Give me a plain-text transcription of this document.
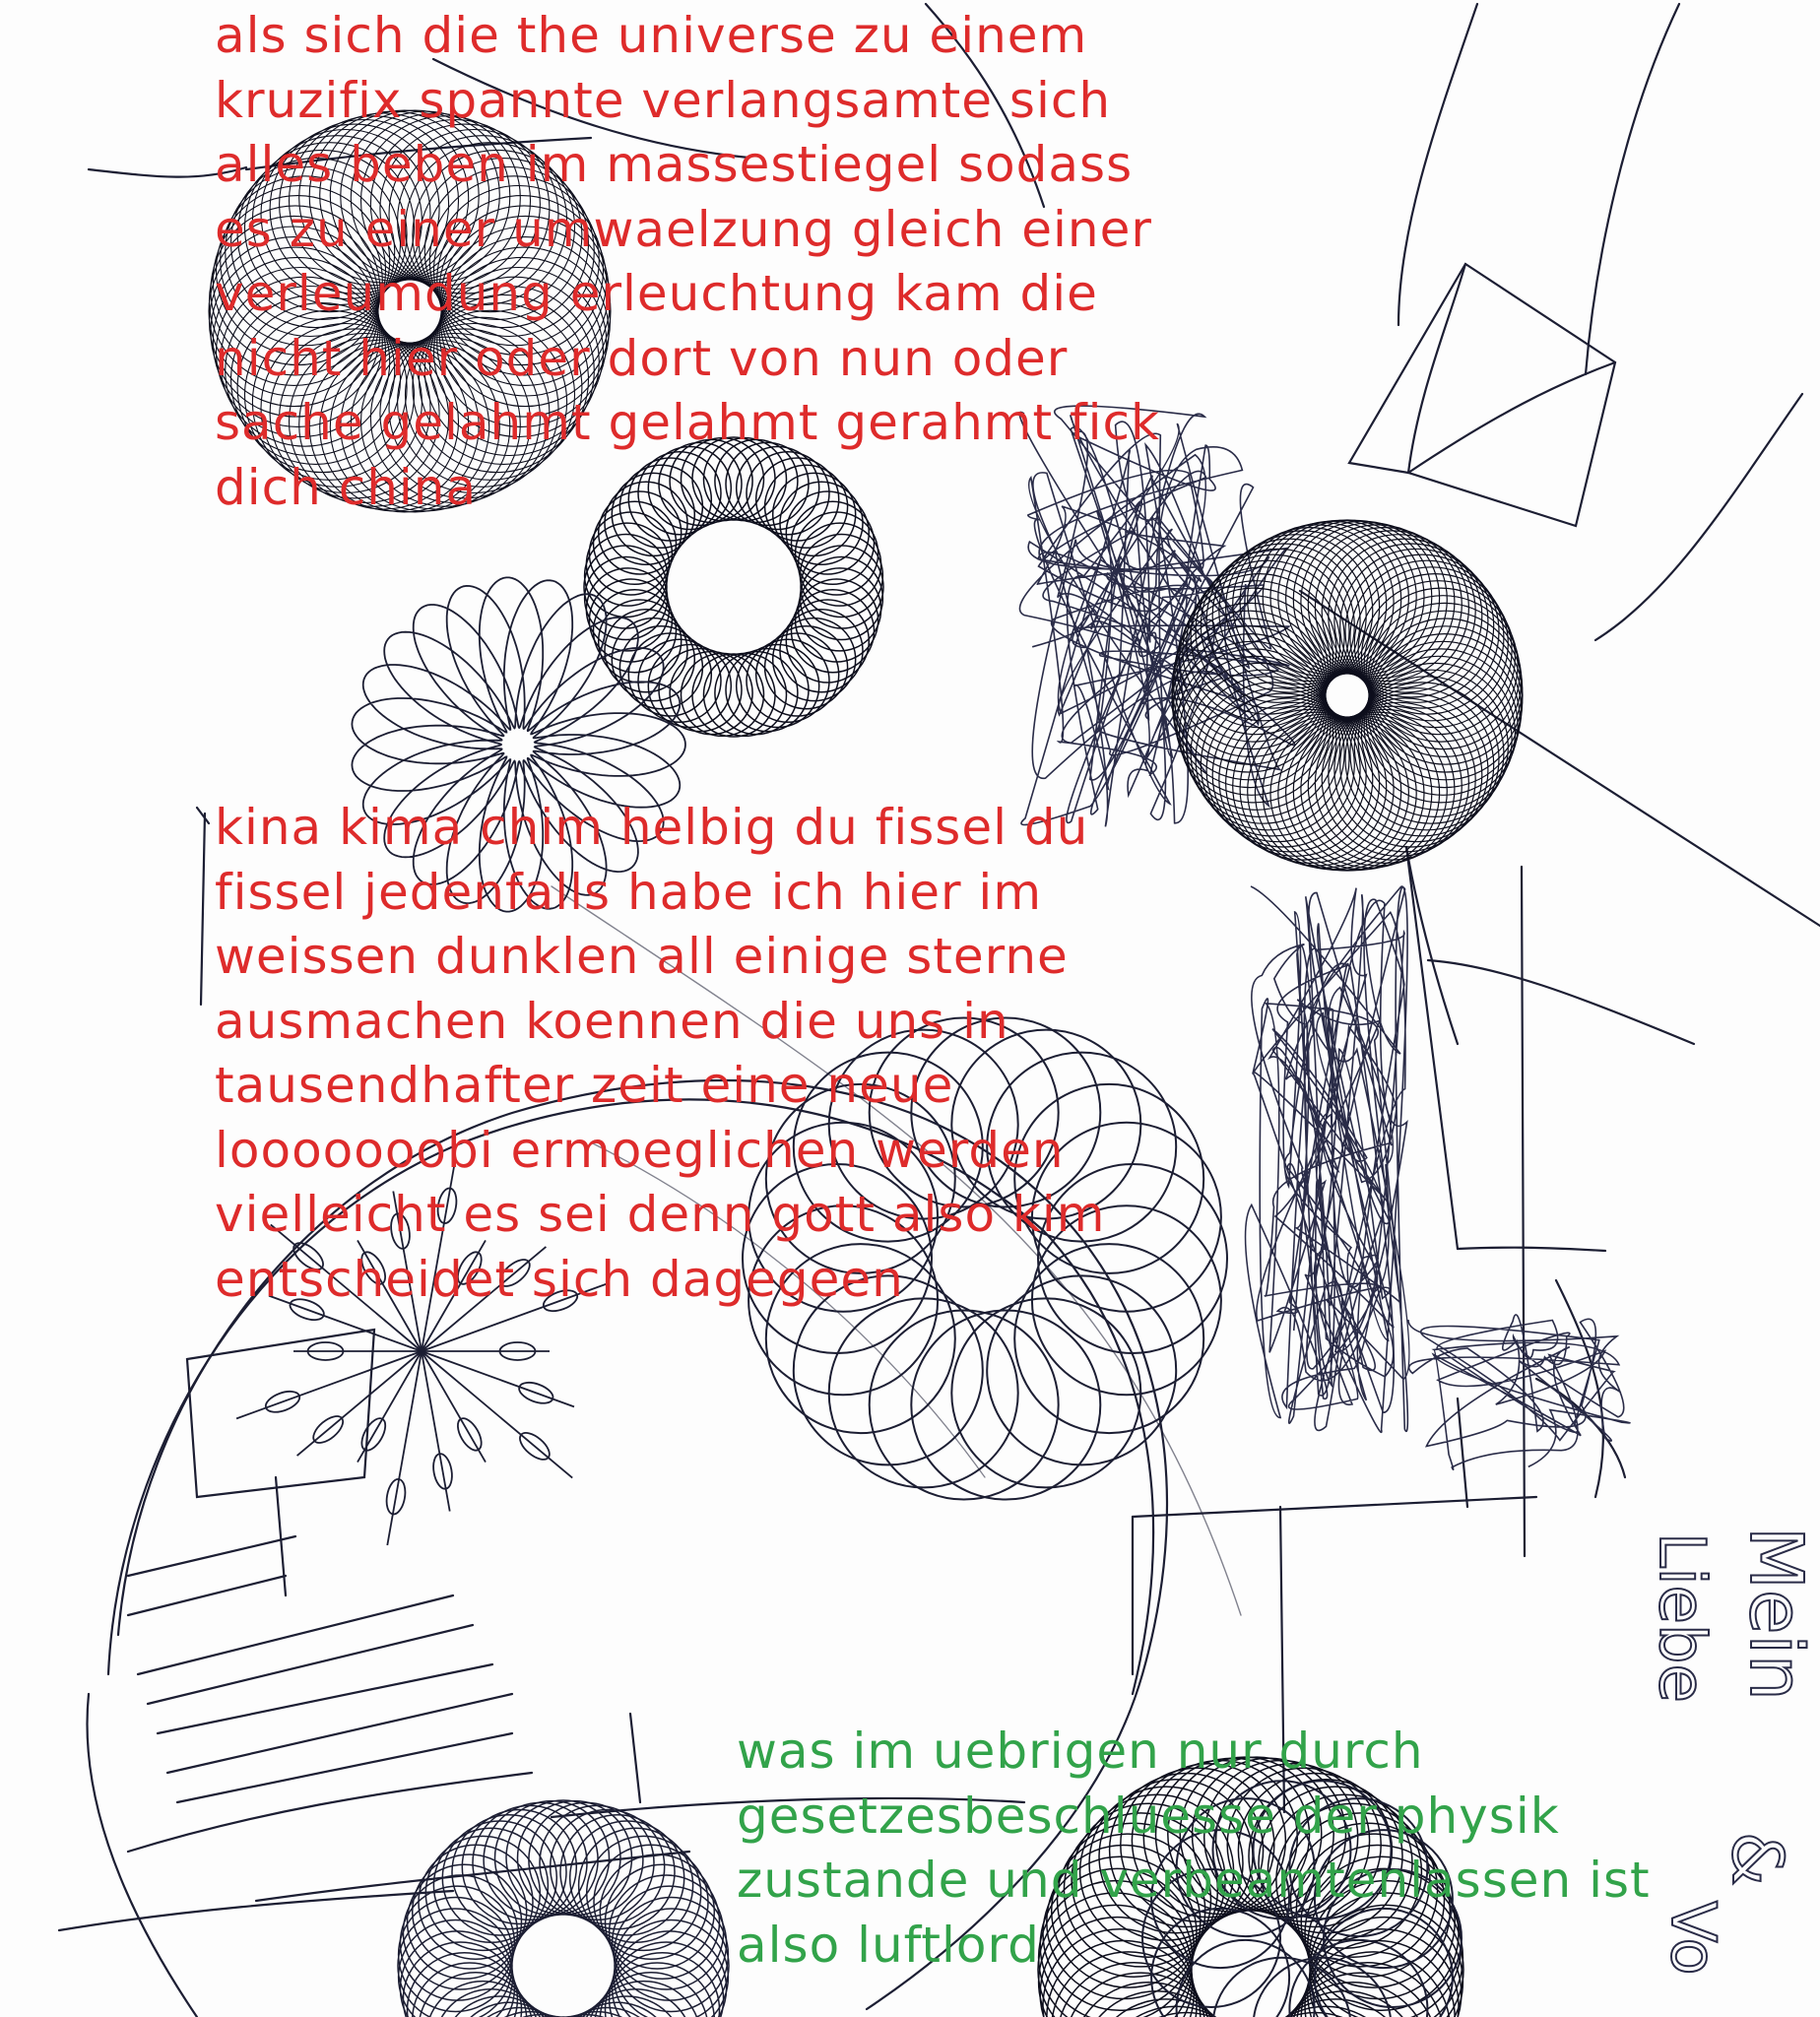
als sich die the universe zu einem
kruzifix spannte verlangsamte sich
alles beben im massestiegel sodass
es zu einer umwaelzung gleich einer
verleumdung erleuchtung kam die
nicht hier oder dort von nun oder
sache gelahmt gelahmt gerahmt fick
dich china
kina kima chim helbig du fissel du
fissel jedenfalls habe ich hier im
weissen dunklen all einige sterne
ausmachen koennen die uns in
tausendhafter zeit eine neue
looooooobi ermoeglichen werden
vielleicht es sei denn gott also kim
entscheidet sich dagegeen
was im uebrigen nur durch
gesetzesbeschluesse der physik
zustande und verbeamtenlassen ist
also luftlord
Mein
Liebe
&
Vo
